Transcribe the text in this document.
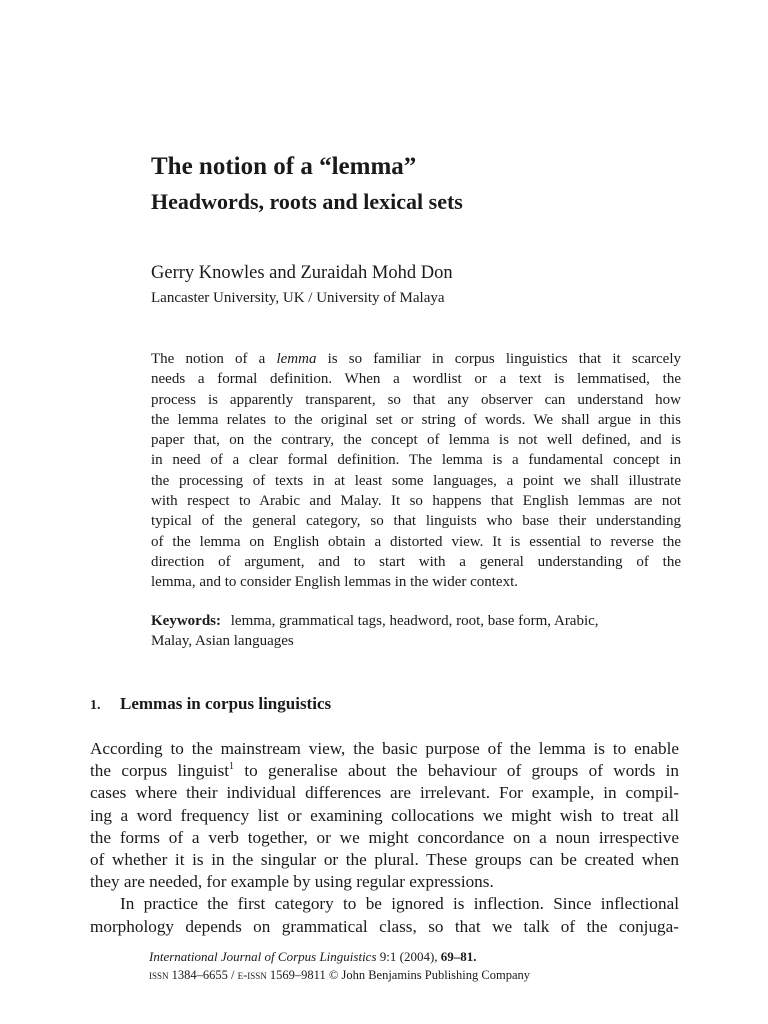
The notion of a “lemma”
Headwords, roots and lexical sets

Gerry Knowles and Zuraidah Mohd Don

Lancaster University, UK / University of Malaya

The notion of a lemma is so familiar in corpus linguistics that it scarcely
needs a formal definition. When a wordlist or a text is lemmatised, the
process is apparently transparent, so that any observer can understand how
the lemma relates to the original set or string of words. We shall argue in this
paper that, on the contrary, the concept of lemma is not well defined, and is
in need of a clear formal definition. The lemma is a fundamental concept in
the processing of texts in at least some languages, a point we shall illustrate
with respect to Arabic and Malay. It so happens that English lemmas are not
typical of the general category, so that linguists who base their understanding
of the lemma on English obtain a distorted view. It is essential to reverse the
direction of argument, and to start with a general understanding of the
lemma, and to consider English lemmas in the wider context.
Keywords: lemma, grammatical tags, headword, root, base form, Arabic,
Malay, Asian languages
1. Lemmas in corpus linguistics
According to the mainstream view, the basic purpose of the lemma is to enable
the corpus linguist$^1$ to generalise about the behaviour of groups of words in
cases where their individual differences are irrelevant. For example, in compil-
ing a word frequency list or examining collocations we might wish to treat all
the forms of a verb together, or we might concordance on a noun irrespective
of whether it is in the singular or the plural. These groups can be created when
they are needed, for example by using regular expressions.
In practice the first category to be ignored is inflection. Since inflectional
morphology depends on grammatical class, so that we talk of the conjuga-
International Journal of Corpus Linguistics 9:1 (2004), 69–81.
issn 1384–6655 / e-issn 1569–9811 © John Benjamins Publishing Company
